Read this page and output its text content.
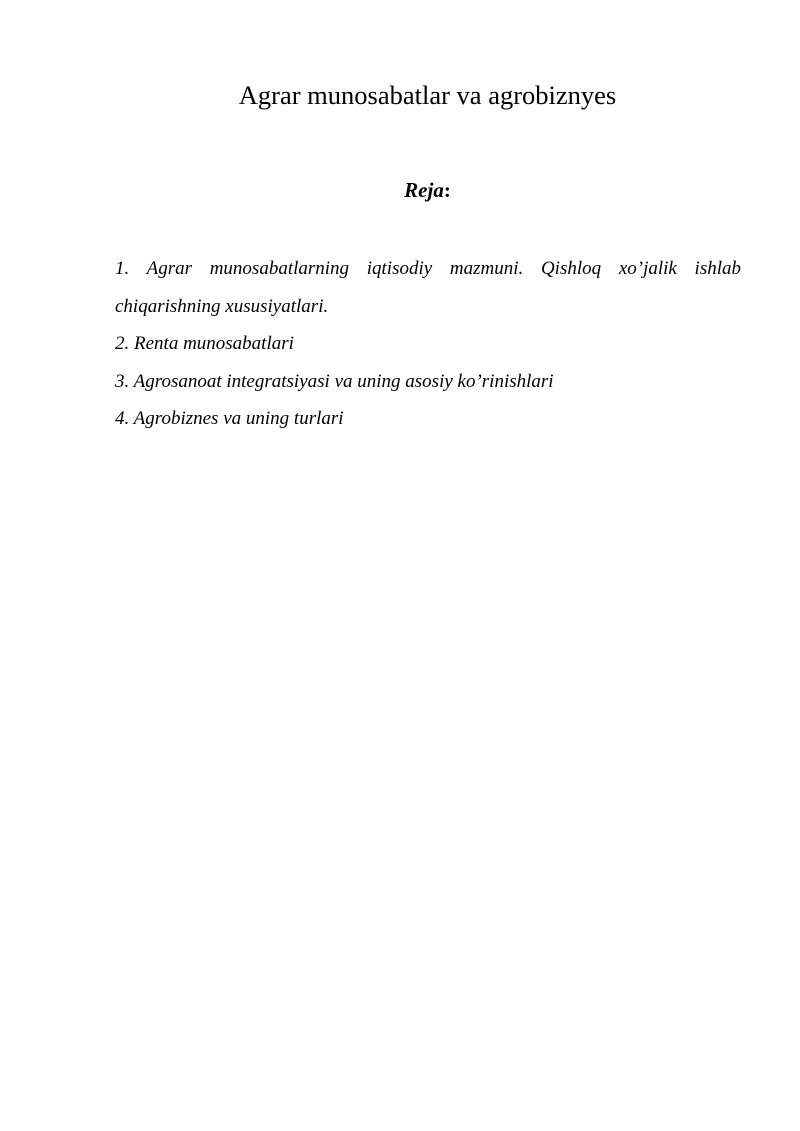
Agrar munosabatlar va agrobiznyes

Reja:

1. Agrar munosabatlarning iqtisodiy mazmuni. Qishloq xo’jalik ishlab chiqarishning xususiyatlari.
2. Renta munosabatlari
3. Agrosanoat integratsiyasi va uning asosiy ko’rinishlari
4. Agrobiznes va uning turlari
